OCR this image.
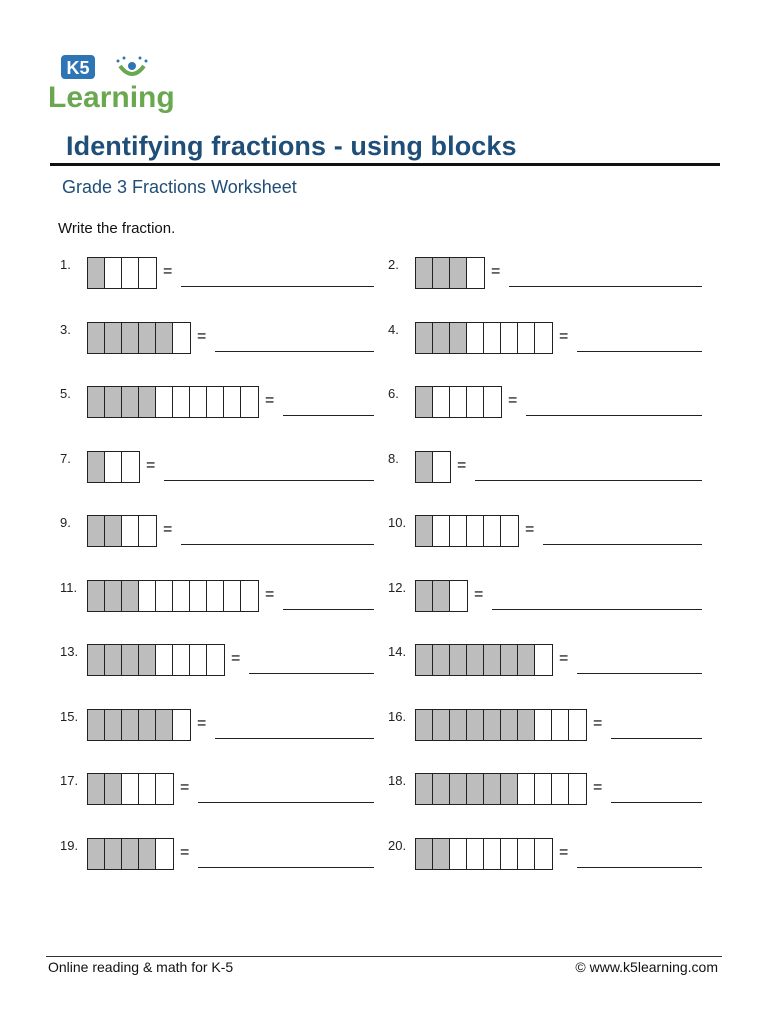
K5
Learning
Identifying fractions - using blocks
Grade 3 Fractions Worksheet
Write the fraction.
1.	=	2.	=
3.	=	4.	=
5.	=	6.	=
7.	=	8.	=
9.	=	10.	=
11.	=	12.	=
13.	=	14.	=
15.	=	16.	=
17.	=	18.	=
19.	=	20.	=
Online reading & math for K-5	© www.k5learning.com
